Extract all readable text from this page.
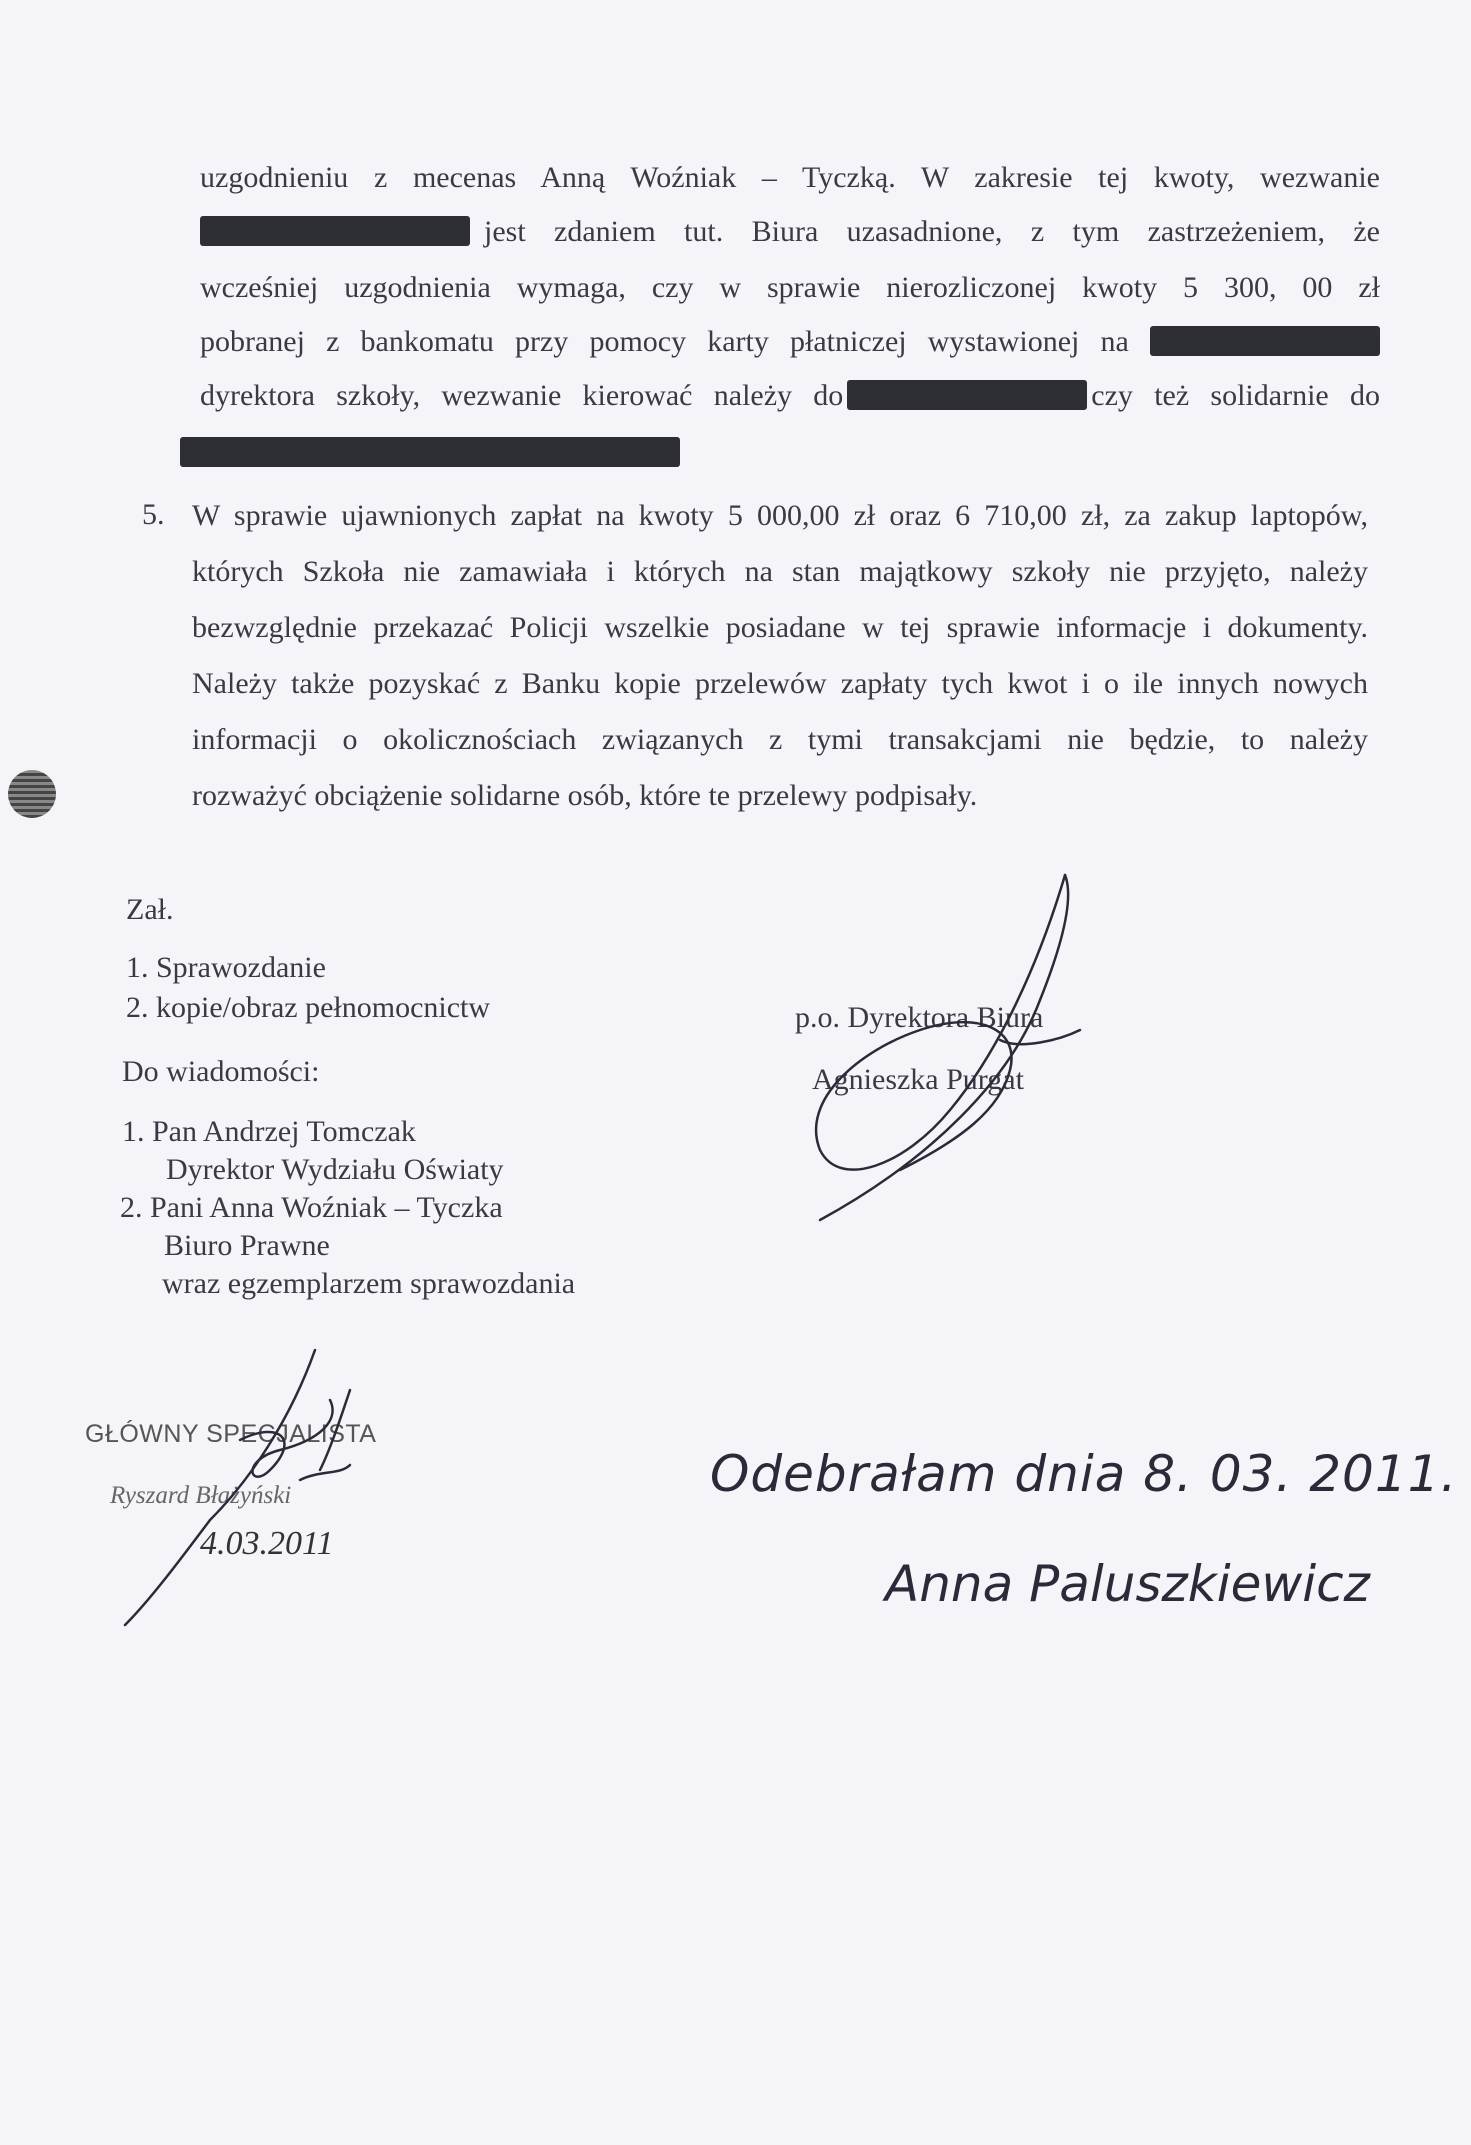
uzgodnieniu z mecenas Anną Woźniak – Tyczką. W zakresie tej kwoty, wezwanie
jest zdaniem tut. Biura uzasadnione, z tym zastrzeżeniem, że
wcześniej uzgodnienia wymaga, czy w sprawie nierozliczonej kwoty 5 300, 00 zł
pobranej z bankomatu przy pomocy karty płatniczej wystawionej na
dyrektora szkoły, wezwanie kierować należy do	czy też solidarnie do
5. W sprawie ujawnionych zapłat na kwoty 5 000,00 zł oraz 6 710,00 zł, za zakup laptopów,
których Szkoła nie zamawiała i których na stan majątkowy szkoły nie przyjęto, należy
bezwzględnie przekazać Policji wszelkie posiadane w tej sprawie informacje i dokumenty.
Należy także pozyskać z Banku kopie przelewów zapłaty tych kwot i o ile innych nowych
informacji o okolicznościach związanych z tymi transakcjami nie będzie, to należy
rozważyć obciążenie solidarne osób, które te przelewy podpisały.
Zał.
1. Sprawozdanie
2. kopie/obraz pełnomocnictw
Do wiadomości:
1. Pan Andrzej Tomczak
Dyrektor Wydziału Oświaty
2. Pani Anna Woźniak – Tyczka
Biuro Prawne
wraz egzemplarzem sprawozdania
p.o. Dyrektora Biura
Agnieszka Purgat
GŁÓWNY SPECJALISTA
Ryszard Błażyński
4.03.2011
Odebrałam dnia 8. 03. 2011.
Anna Paluszkiewicz
